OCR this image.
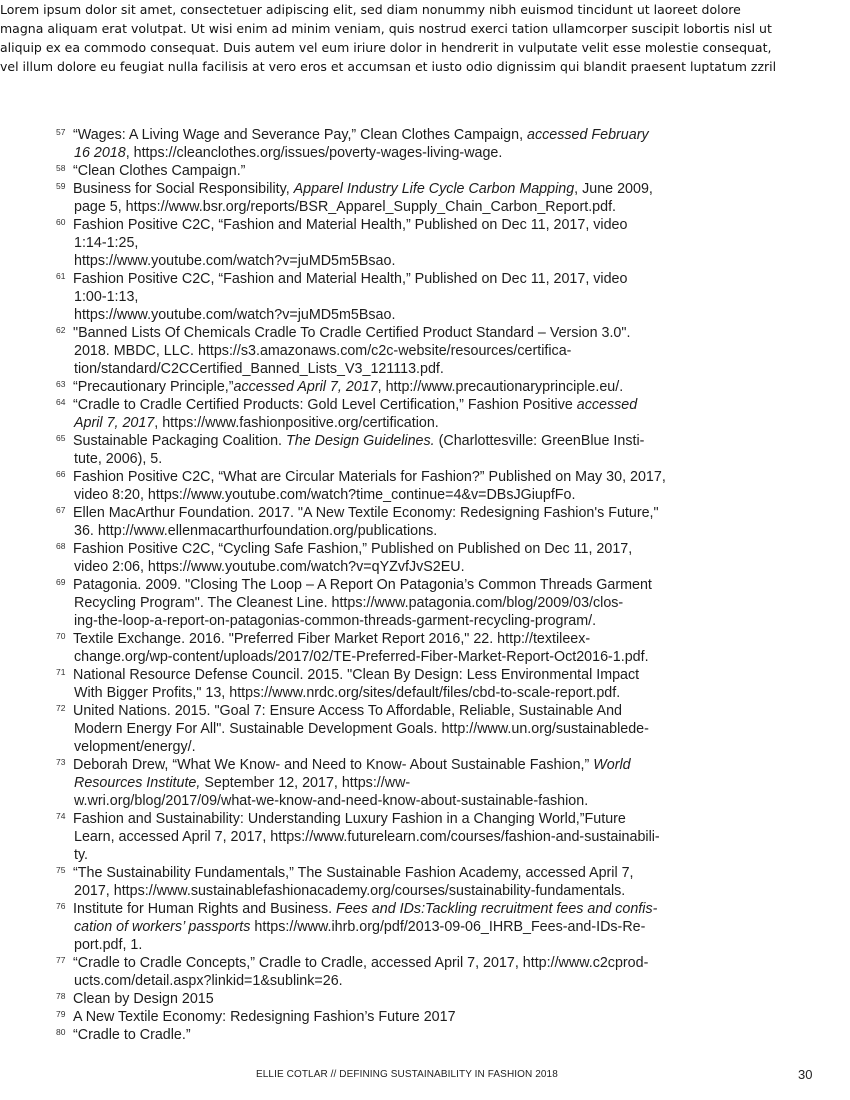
Lorem ipsum dolor sit amet, consectetuer adipiscing elit, sed diam nonummy nibh euismod tincidunt ut laoreet dolore
magna aliquam erat volutpat. Ut wisi enim ad minim veniam, quis nostrud exerci tation ullamcorper suscipit lobortis nisl ut
aliquip ex ea commodo consequat. Duis autem vel eum iriure dolor in hendrerit in vulputate velit esse molestie consequat,
vel illum dolore eu feugiat nulla facilisis at vero eros et accumsan et iusto odio dignissim qui blandit praesent luptatum zzril
57 “Wages: A Living Wage and Severance Pay,” Clean Clothes Campaign, accessed February
16 2018, https://cleanclothes.org/issues/poverty-wages-living-wage.
58 “Clean Clothes Campaign.”
59 Business for Social Responsibility, Apparel Industry Life Cycle Carbon Mapping, June 2009,
page 5, https://www.bsr.org/reports/BSR_Apparel_Supply_Chain_Carbon_Report.pdf.
60 Fashion Positive C2C, “Fashion and Material Health,” Published on Dec 11, 2017, video
1:14-1:25,
https://www.youtube.com/watch?v=juMD5m5Bsao.
61 Fashion Positive C2C, “Fashion and Material Health,” Published on Dec 11, 2017, video
1:00-1:13,
https://www.youtube.com/watch?v=juMD5m5Bsao.
62 "Banned Lists Of Chemicals Cradle To Cradle Certified Product Standard – Version 3.0".
2018. MBDC, LLC. https://s3.amazonaws.com/c2c-website/resources/certifica-
tion/standard/C2CCertified_Banned_Lists_V3_121113.pdf.
63 “Precautionary Principle,”accessed April 7, 2017, http://www.precautionaryprinciple.eu/.
64 “Cradle to Cradle Certified Products: Gold Level Certification,” Fashion Positive accessed
April 7, 2017, https://www.fashionpositive.org/certification.
65 Sustainable Packaging Coalition. The Design Guidelines. (Charlottesville: GreenBlue Insti-
tute, 2006), 5.
66 Fashion Positive C2C, “What are Circular Materials for Fashion?” Published on May 30, 2017,
video 8:20, https://www.youtube.com/watch?time_continue=4&v=DBsJGiupfFo.
67 Ellen MacArthur Foundation. 2017. "A New Textile Economy: Redesigning Fashion's Future,"
36. http://www.ellenmacarthurfoundation.org/publications.
68 Fashion Positive C2C, “Cycling Safe Fashion,” Published on Published on Dec 11, 2017,
video 2:06, https://www.youtube.com/watch?v=qYZvfJvS2EU.
69 Patagonia. 2009. "Closing The Loop – A Report On Patagonia’s Common Threads Garment
Recycling Program". The Cleanest Line. https://www.patagonia.com/blog/2009/03/clos-
ing-the-loop-a-report-on-patagonias-common-threads-garment-recycling-program/.
70 Textile Exchange. 2016. "Preferred Fiber Market Report 2016," 22. http://textileex-
change.org/wp-content/uploads/2017/02/TE-Preferred-Fiber-Market-Report-Oct2016-1.pdf.
71 National Resource Defense Council. 2015. "Clean By Design: Less Environmental Impact
With Bigger Profits," 13, https://www.nrdc.org/sites/default/files/cbd-to-scale-report.pdf.
72 United Nations. 2015. "Goal 7: Ensure Access To Affordable, Reliable, Sustainable And
Modern Energy For All". Sustainable Development Goals. http://www.un.org/sustainablede-
velopment/energy/.
73 Deborah Drew, “What We Know- and Need to Know- About Sustainable Fashion,” World
Resources Institute, September 12, 2017, https://ww-
w.wri.org/blog/2017/09/what-we-know-and-need-know-about-sustainable-fashion.
74 Fashion and Sustainability: Understanding Luxury Fashion in a Changing World,”Future
Learn, accessed April 7, 2017, https://www.futurelearn.com/courses/fashion-and-sustainabili-
ty.
75 “The Sustainability Fundamentals,” The Sustainable Fashion Academy, accessed April 7,
2017, https://www.sustainablefashionacademy.org/courses/sustainability-fundamentals.
76 Institute for Human Rights and Business. Fees and IDs:Tackling recruitment fees and confis-
cation of workers’ passports https://www.ihrb.org/pdf/2013-09-06_IHRB_Fees-and-IDs-Re-
port.pdf, 1.
77 “Cradle to Cradle Concepts,” Cradle to Cradle, accessed April 7, 2017, http://www.c2cprod-
ucts.com/detail.aspx?linkid=1&sublink=26.
78 Clean by Design 2015
79 A New Textile Economy: Redesigning Fashion’s Future 2017
80 “Cradle to Cradle.”
ELLIE COTLAR // DEFINING SUSTAINABILITY IN FASHION 2018	30
